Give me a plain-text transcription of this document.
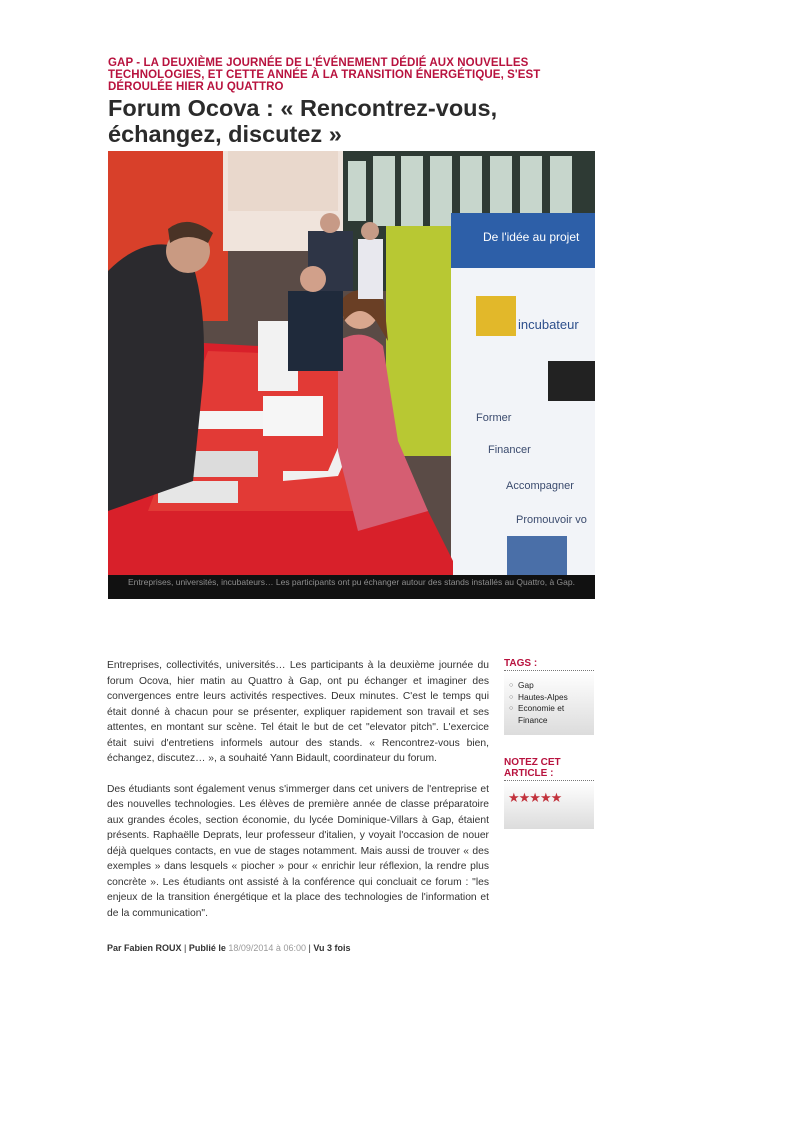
GAP - LA DEUXIÈME JOURNÉE DE L'ÉVÉNEMENT DÉDIÉ AUX NOUVELLES TECHNOLOGIES, ET CETTE ANNÉE À LA TRANSITION ÉNERGÉTIQUE, S'EST DÉROULÉE HIER AU QUATTRO
Forum Ocova : « Rencontrez-vous, échangez, discutez »
De l'idée au projet
incubateur
Former
Financer
Accompagner
Promouvoir vo
Entreprises, universités, incubateurs… Les participants ont pu échanger autour des stands installés au Quattro, à Gap.

Entreprises, collectivités, universités… Les participants à la deuxième journée du forum Ocova, hier matin au Quattro à Gap, ont pu échanger et imaginer des convergences entre leurs activités respectives. Deux minutes. C'est le temps qui était donné à chacun pour se présenter, expliquer rapidement son travail et ses attentes, en montant sur scène. Tel était le but de cet "elevator pitch". L'exercice était suivi d'entretiens informels autour des stands. « Rencontrez-vous bien, échangez, discutez… », a souhaité Yann Bidault, coordinateur du forum.

Des étudiants sont également venus s'immerger dans cet univers de l'entreprise et des nouvelles technologies. Les élèves de première année de classe préparatoire aux grandes écoles, section économie, du lycée Dominique-Villars à Gap, étaient présents. Raphaëlle Deprats, leur professeur d'italien, y voyait l'occasion de nouer déjà quelques contacts, en vue de stages notamment. Mais aussi de trouver « des exemples » dans lesquels « piocher » pour « enrichir leur réflexion, la rendre plus concrète ». Les étudiants ont assisté à la conférence qui concluait ce forum : "les enjeux de la transition énergétique et la place des technologies de l'information et de la communication".

Par Fabien ROUX | Publié le 18/09/2014 à 06:00 | Vu 3 fois
TAGS :
○ Gap
○ Hautes-Alpes
○ Economie et Finance
NOTEZ CET ARTICLE :
★★★★★
